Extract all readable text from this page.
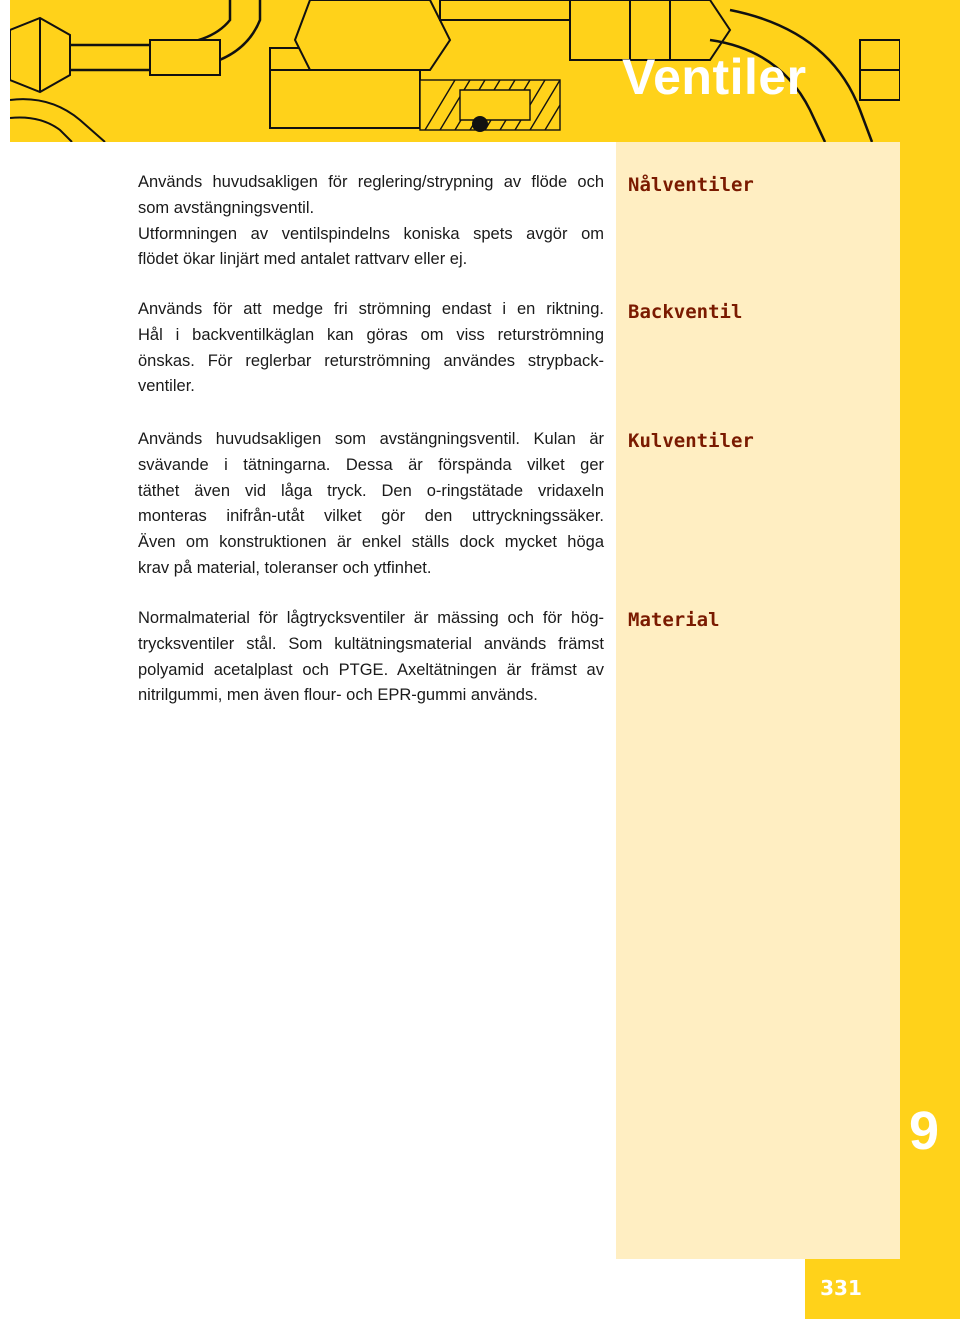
Ventiler
Används huvudsakligen för reglering/strypning av flöde och
som avstängningsventil.
Utformningen av ventilspindelns koniska spets avgör om
flödet ökar linjärt med antalet rattvarv eller ej.
Nålventiler
Används för att medge fri strömning endast i en riktning.
Hål i backventilkäglan kan göras om viss returströmning
önskas. För reglerbar returströmning användes strypback-
ventiler.
Backventil
Används huvudsakligen som avstängningsventil. Kulan är
svävande i tätningarna. Dessa är förspända vilket ger
täthet även vid låga tryck. Den o-ringstätade vridaxeln
monteras inifrån-utåt vilket gör den uttryckningssäker.
Även om konstruktionen är enkel ställs dock mycket höga
krav på material, toleranser och ytfinhet.
Kulventiler
Normalmaterial för lågtrycksventiler är mässing och för hög-
trycksventiler stål. Som kultätningsmaterial används främst
polyamid acetalplast och PTGE. Axeltätningen är främst av
nitrilgummi, men även flour- och EPR-gummi används.
Material
9
331
